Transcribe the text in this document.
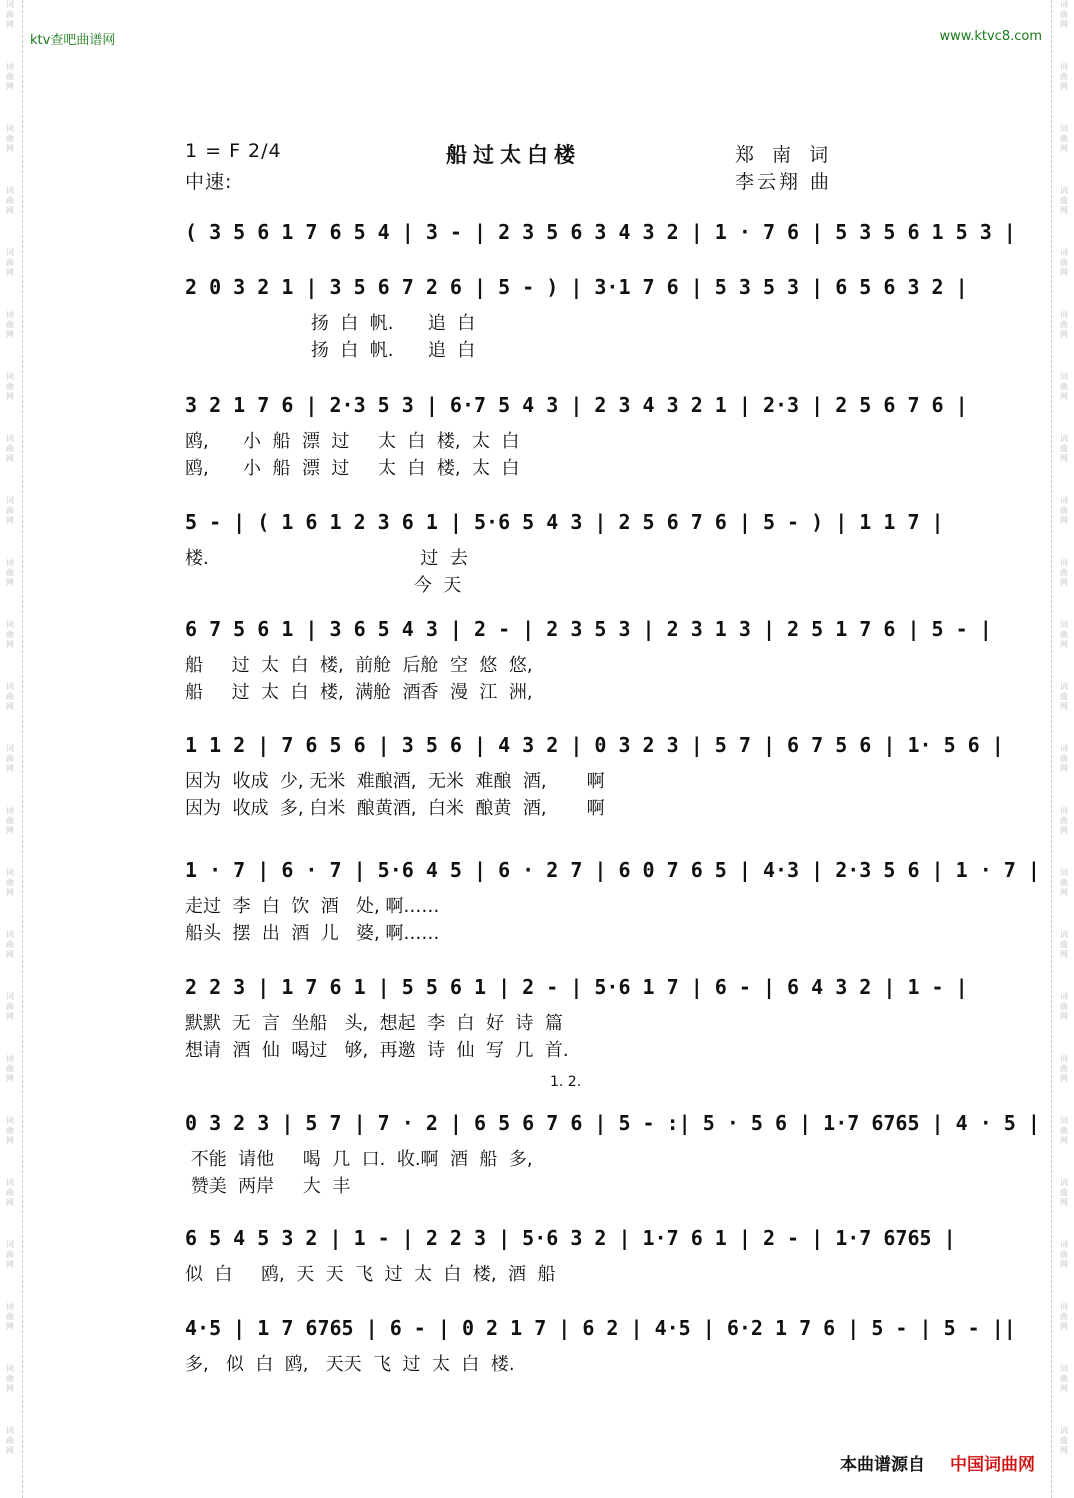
ktv查吧曲谱网	www.ktvc8.com
1 = F 2/4
中速:
船过太白楼	郑 南 词
李云翔 曲
( 3 5 6 1 7 6 5 4 | 3 - | 2 3 5 6 3 4 3 2 | 1 · 7 6 | 5 3 5 6 1 5 3 |
2 0 3 2 1 | 3 5 6 7 2 6 | 5 - ) | 3·1 7 6 | 5 3 5 3 | 6 5 6 3 2 |
扬  白  帆.      追  白
扬  白  帆.      追  白
3 2 1 7 6 | 2·3 5 3 | 6·7 5 4 3 | 2 3 4 3 2 1 | 2·3 | 2 5 6 7 6 |
鸥,      小  船  漂  过     太  白  楼,  太  白
鸥,      小  船  漂  过     太  白  楼,  太  白
5 - | ( 1 6 1 2 3 6 1 | 5·6 5 4 3 | 2 5 6 7 6 | 5 - ) | 1 1 7 |
楼.                                     过  去
今  天
6 7 5 6 1 | 3 6 5 4 3 | 2 - | 2 3 5 3 | 2 3 1 3 | 2 5 1 7 6 | 5 - |
船     过  太  白  楼,  前舱  后舱  空  悠  悠,
船     过  太  白  楼,  满舱  酒香  漫  江  洲,
1 1 2 | 7 6 5 6 | 3 5 6 | 4 3 2 | 0 3 2 3 | 5 7 | 6 7 5 6 | 1· 5 6 |
因为  收成  少, 无米  难酿酒,  无米  难酿  酒,       啊
因为  收成  多, 白米  酿黄酒,  白米  酿黄  酒,       啊
1 · 7 | 6 · 7 | 5·6 4 5 | 6 · 2 7 | 6 0 7 6 5 | 4·3 | 2·3 5 6 | 1 · 7 |
走过  李  白  饮  酒   处, 啊……
船头  摆  出  酒  儿   婆, 啊……
2 2 3 | 1 7 6 1 | 5 5 6 1 | 2 - | 5·6 1 7 | 6 - | 6 4 3 2 | 1 - |
默默  无  言  坐船   头,  想起  李  白  好  诗  篇
想请  酒  仙  喝过   够,  再邀  诗  仙  写  几  首.
0 3 2 3 | 5 7 | 7 · 2 | 6 5 6 7 6 | 5 - :| 5 · 5 6 | 1·7 6765 | 4 · 5 |
不能  请他     喝  几  口.  收.啊  酒  船  多,
赞美  两岸     大  丰
6 5 4 5 3 2 | 1 - | 2 2 3 | 5·6 3 2 | 1·7 6 1 | 2 - | 1·7 6765 |
似  白     鸥,  天  天  飞  过  太  白  楼,  酒  船
4·5 | 1 7 6765 | 6 - | 0 2 1 7 | 6 2 | 4·5 | 6·2 1 7 6 | 5 - | 5 - ||
多,   似  白  鸥,   天天  飞  过  太  白  楼.
1. 2.
本曲谱源自 中国词曲网
词曲网
词曲网
词曲网
词曲网
词曲网
词曲网
词曲网
词曲网
词曲网
词曲网
词曲网
词曲网
词曲网
词曲网
词曲网
词曲网
词曲网
词曲网
词曲网
词曲网
词曲网
词曲网
词曲网
词曲网
词曲网
词曲网
词曲网
词曲网
词曲网
词曲网
词曲网
词曲网
词曲网
词曲网
词曲网
词曲网
词曲网
词曲网
词曲网
词曲网
词曲网
词曲网
词曲网
词曲网
词曲网
词曲网
词曲网
词曲网
